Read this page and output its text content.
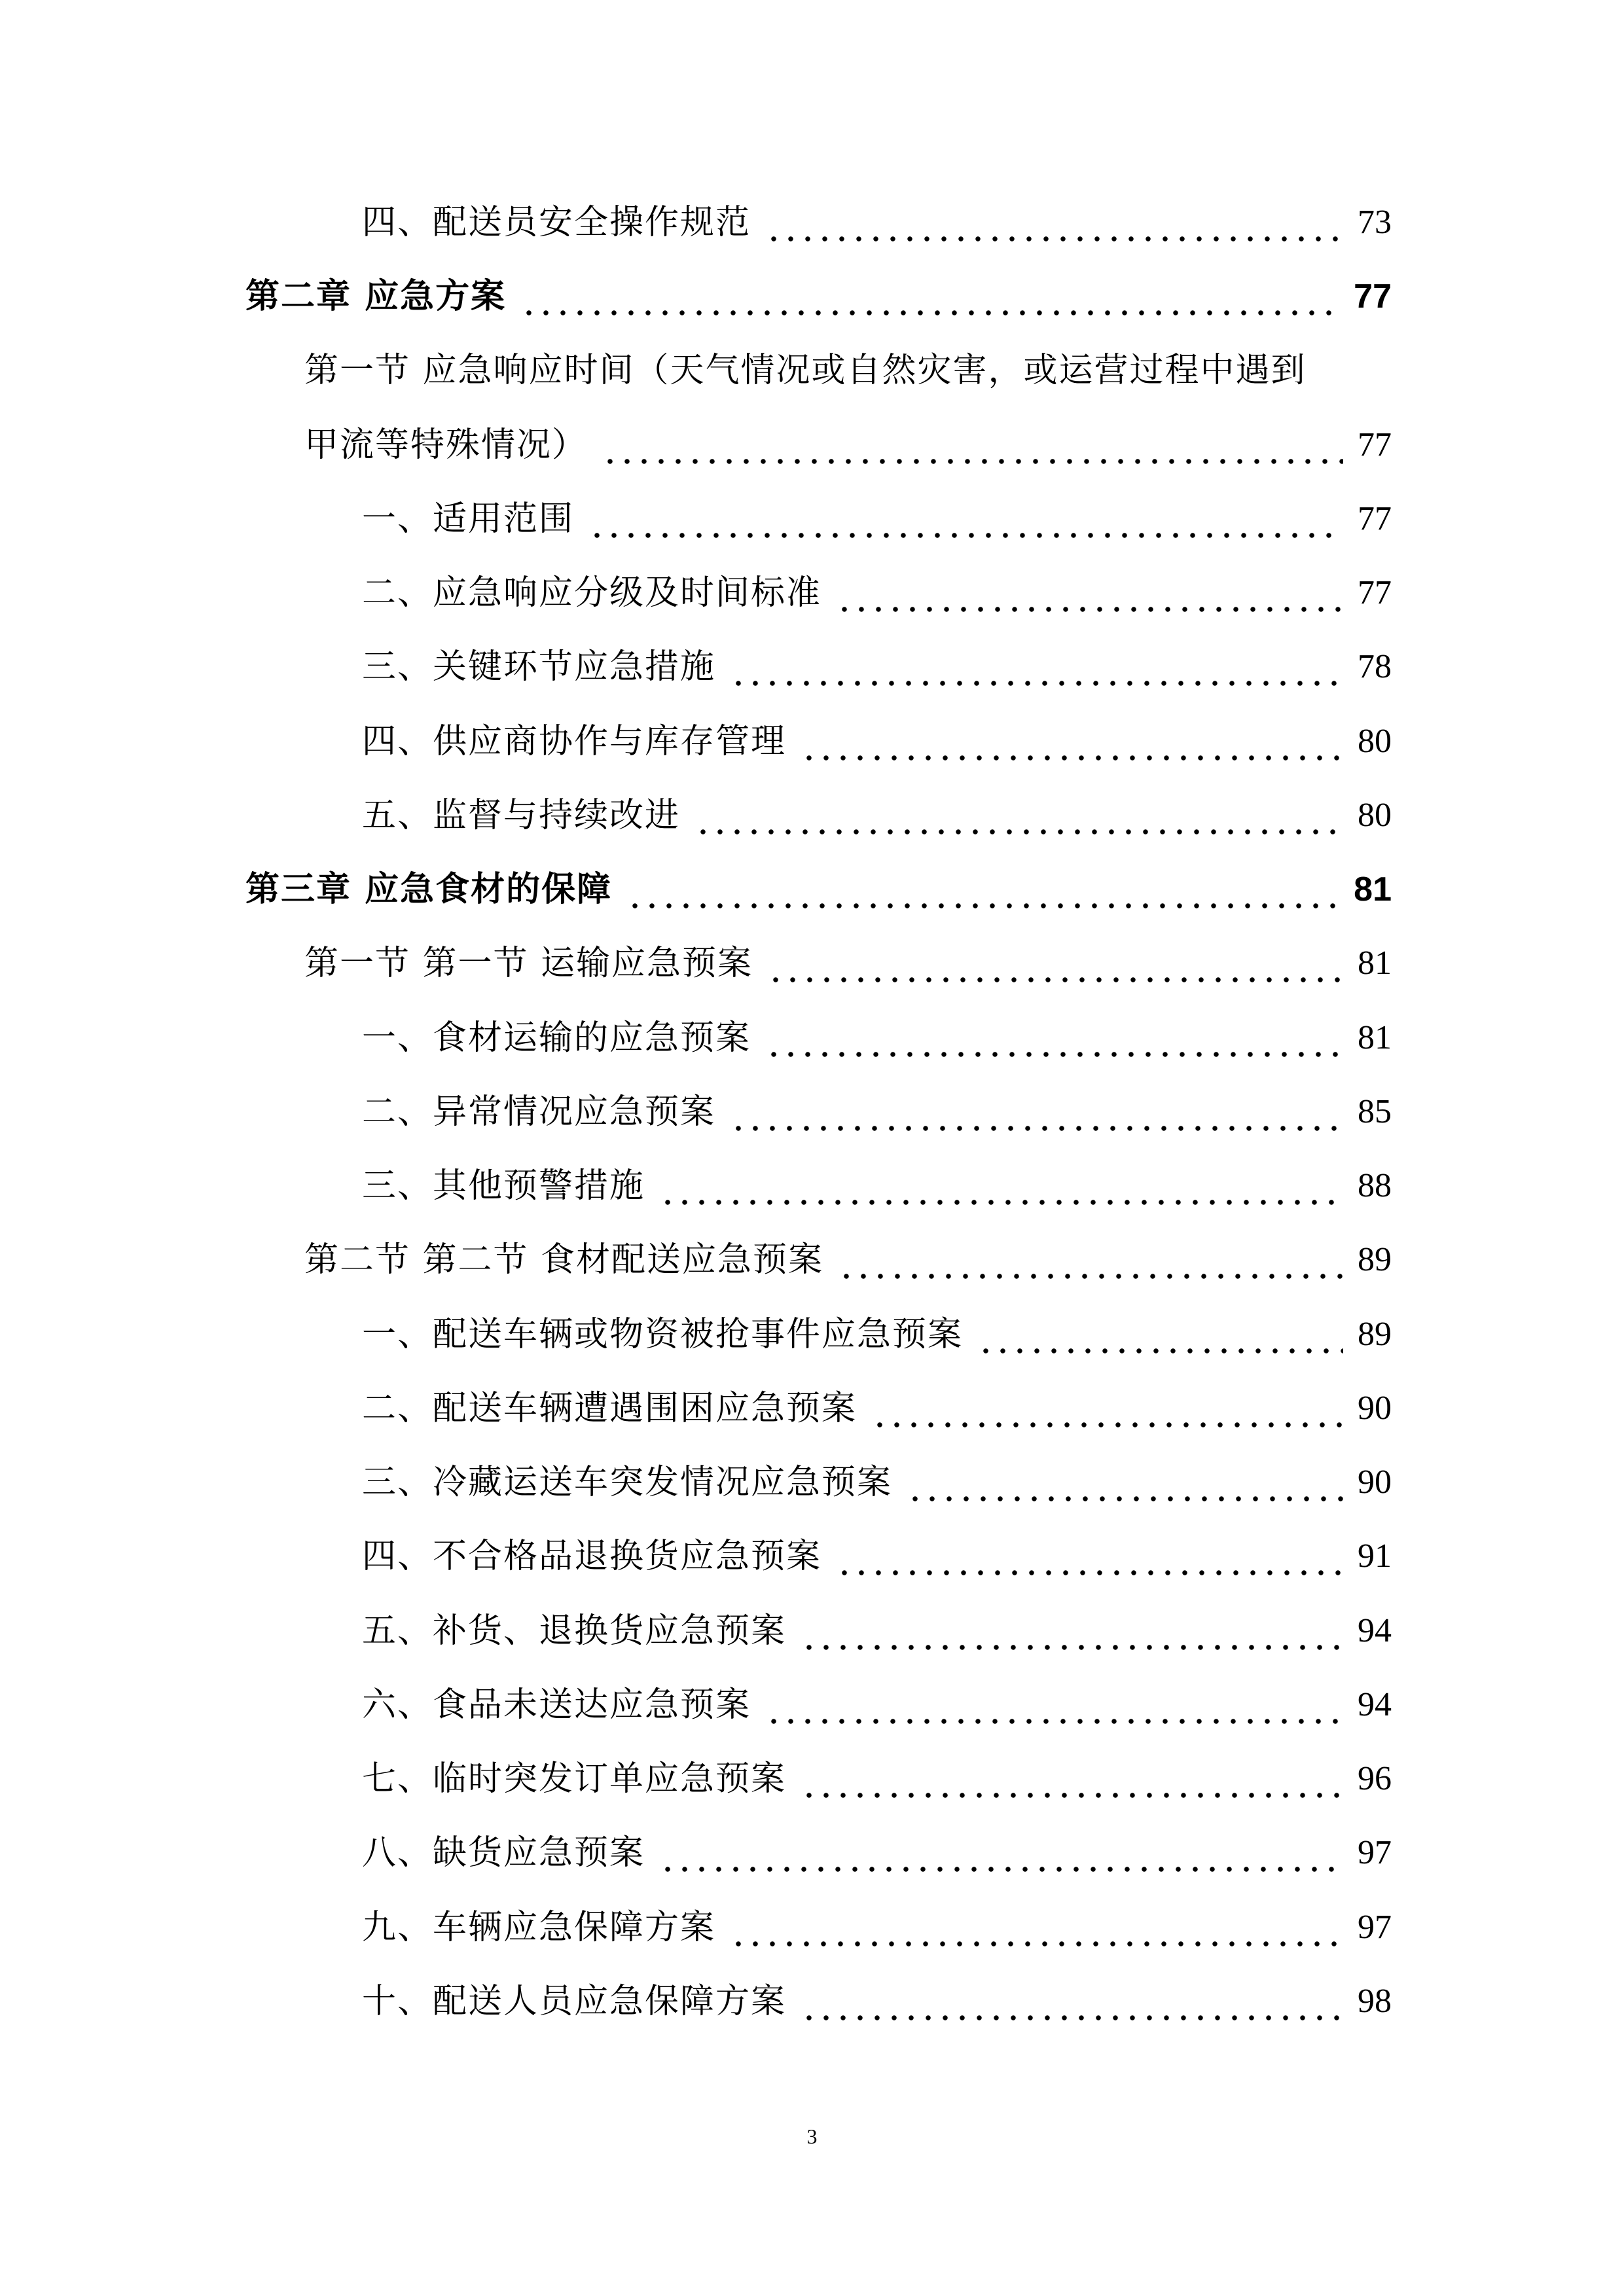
四、配送员安全操作规范	73
第二章 应急方案	77
第一节 应急响应时间（天气情况或自然灾害，或运营过程中遇到
甲流等特殊情况）	77
一、适用范围	77
二、应急响应分级及时间标准	77
三、关键环节应急措施	78
四、供应商协作与库存管理	80
五、监督与持续改进	80
第三章 应急食材的保障	81
第一节 第一节 运输应急预案	81
一、食材运输的应急预案	81
二、异常情况应急预案	85
三、其他预警措施	88
第二节 第二节 食材配送应急预案	89
一、配送车辆或物资被抢事件应急预案	89
二、配送车辆遭遇围困应急预案	90
三、冷藏运送车突发情况应急预案	90
四、不合格品退换货应急预案	91
五、补货、退换货应急预案	94
六、食品未送达应急预案	94
七、临时突发订单应急预案	96
八、缺货应急预案	97
九、车辆应急保障方案	97
十、配送人员应急保障方案	98
3
